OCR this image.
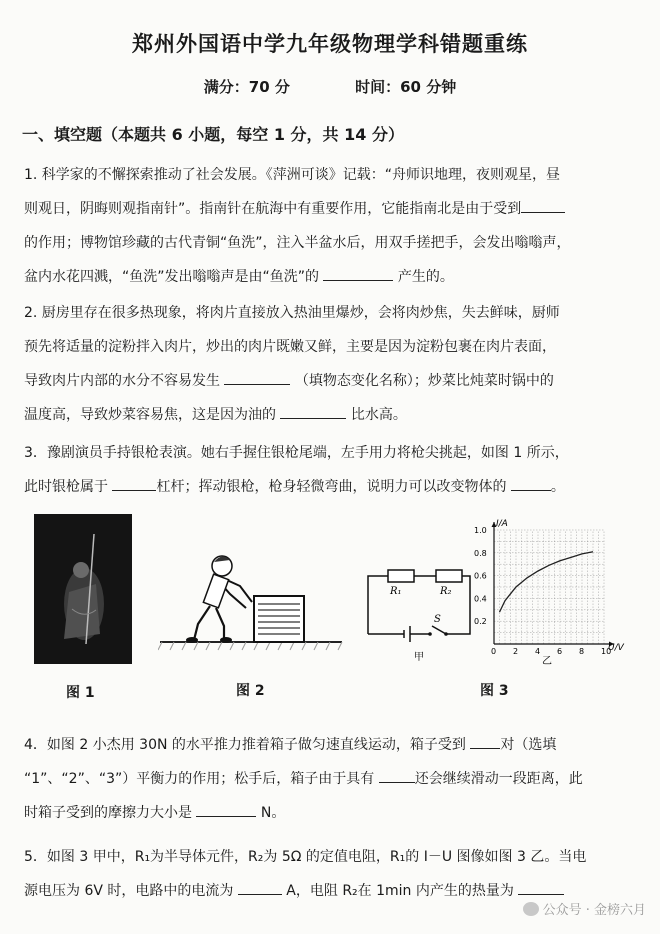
郑州外国语中学九年级物理学科错题重练
满分：70 分	时间：60 分钟
一、填空题（本题共 6 小题，每空 1 分，共 14 分）
1. 科学家的不懈探索推动了社会发展。《萍洲可谈》记载：“舟师识地理，夜则观星，昼
则观日，阴晦则观指南针”。指南针在航海中有重要作用，它能指南北是由于受到
的作用；博物馆珍藏的古代青铜“鱼洗”，注入半盆水后，用双手搓把手，会发出嗡嗡声，
盆内水花四溅，“鱼洗”发出嗡嗡声是由“鱼洗”的	产生的。
2. 厨房里存在很多热现象，将肉片直接放入热油里爆炒，会将肉炒焦，失去鲜味，厨师
预先将适量的淀粉拌入肉片，炒出的肉片既嫩又鲜，主要是因为淀粉包裹在肉片表面，
导致肉片内部的水分不容易发生	（填物态变化名称）；炒菜比炖菜时锅中的
温度高，导致炒菜容易焦，这是因为油的	比水高。
3．豫剧演员手持银枪表演。她右手握住银枪尾端，左手用力将枪尖挑起，如图 1 所示，
此时银枪属于	杠杆；挥动银枪，枪身轻微弯曲，说明力可以改变物体的	。
图 1	图 2
R₁	R₂
S
甲
0 2 4 6 8 10
0.2
0.4
0.6
0.8
1.0
I/A
U/V
乙
图 3
4．如图 2 小杰用 30N 的水平推力推着箱子做匀速直线运动，箱子受到 对（选填
“1”、“2”、“3”）平衡力的作用；松手后，箱子由于具有	还会继续滑动一段距离，此
时箱子受到的摩擦力大小是	N。
5．如图 3 甲中，R₁为半导体元件，R₂为 5Ω 的定值电阻，R₁的 I－U 图像如图 3 乙。当电
源电压为 6V 时，电路中的电流为	A，电阻 R₂在 1min 内产生的热量为
公众号 · 金榜六月
